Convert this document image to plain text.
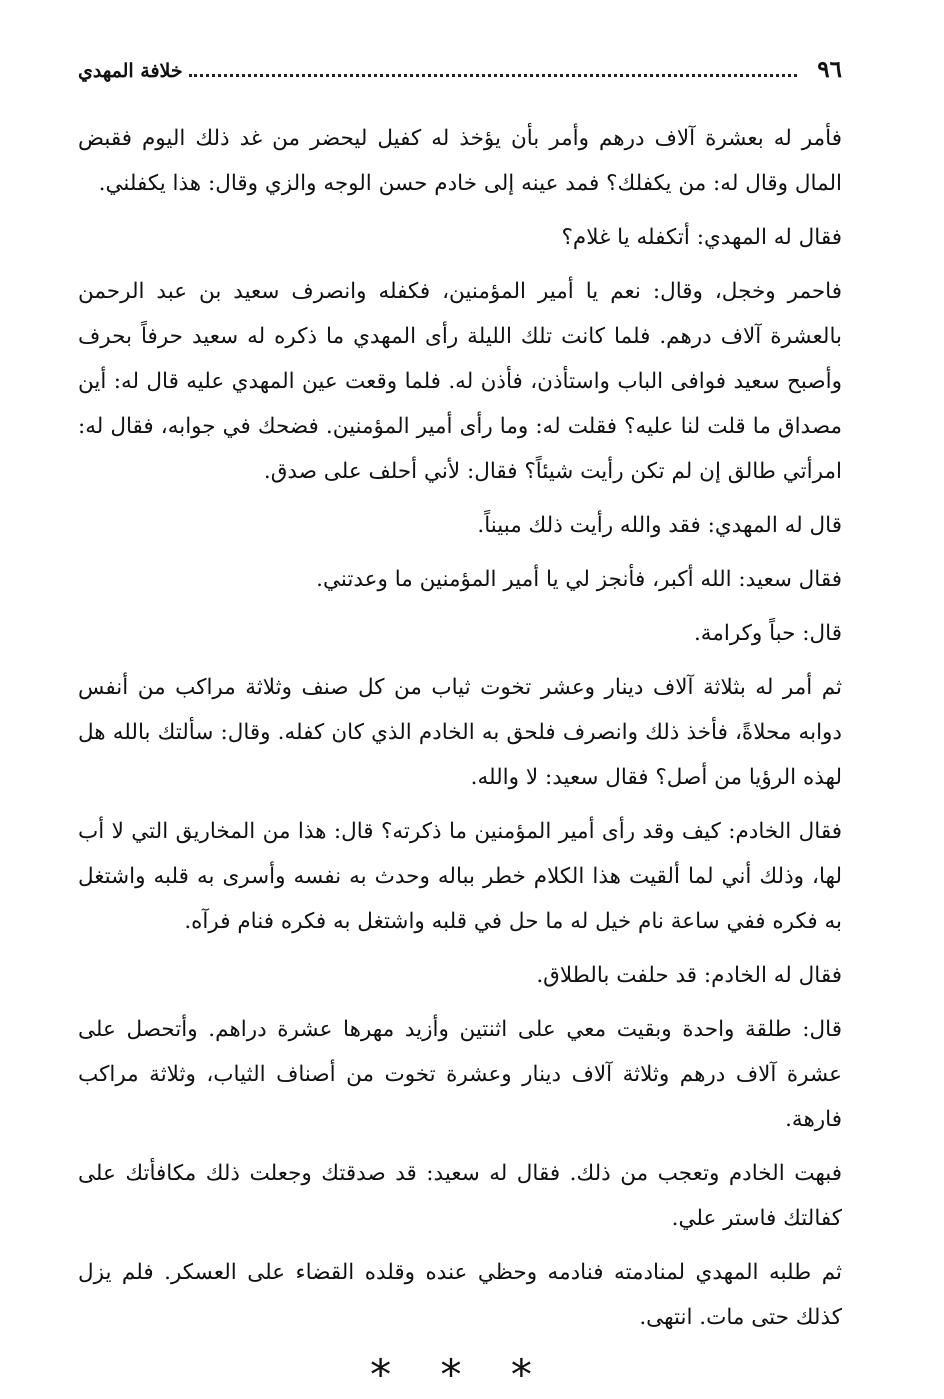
٩٦
خلافة المهدي

فأمر له بعشرة آلاف درهم وأمر بأن يؤخذ له كفيل ليحضر من غد ذلك اليوم فقبض المال وقال له: من يكفلك؟ فمد عينه إلى خادم حسن الوجه والزي وقال: هذا يكفلني.

فقال له المهدي: أتكفله يا غلام؟

فاحمر وخجل، وقال: نعم يا أمير المؤمنين، فكفله وانصرف سعيد بن عبد الرحمن بالعشرة آلاف درهم. فلما كانت تلك الليلة رأى المهدي ما ذكره له سعيد حرفاً بحرف وأصبح سعيد فوافى الباب واستأذن، فأذن له. فلما وقعت عين المهدي عليه قال له: أين مصداق ما قلت لنا عليه؟ فقلت له: وما رأى أمير المؤمنين. فضحك في جوابه، فقال له: امرأتي طالق إن لم تكن رأيت شيئاً؟ فقال: لأني أحلف على صدق.

قال له المهدي: فقد والله رأيت ذلك مبيناً.

فقال سعيد: الله أكبر، فأنجز لي يا أمير المؤمنين ما وعدتني.

قال: حباً وكرامة.

ثم أمر له بثلاثة آلاف دينار وعشر تخوت ثياب من كل صنف وثلاثة مراكب من أنفس دوابه محلاةً، فأخذ ذلك وانصرف فلحق به الخادم الذي كان كفله. وقال: سألتك بالله هل لهذه الرؤيا من أصل؟ فقال سعيد: لا والله.

فقال الخادم: كيف وقد رأى أمير المؤمنين ما ذكرته؟ قال: هذا من المخاريق التي لا أب لها، وذلك أني لما ألقيت هذا الكلام خطر بباله وحدث به نفسه وأسرى به قلبه واشتغل به فكره ففي ساعة نام خيل له ما حل في قلبه واشتغل به فكره فنام فرآه.

فقال له الخادم: قد حلفت بالطلاق.

قال: طلقة واحدة وبقيت معي على اثنتين وأزيد مهرها عشرة دراهم. وأتحصل على عشرة آلاف درهم وثلاثة آلاف دينار وعشرة تخوت من أصناف الثياب، وثلاثة مراكب فارهة.

فبهت الخادم وتعجب من ذلك. فقال له سعيد: قد صدقتك وجعلت ذلك مكافأتك على كفالتك فاستر علي.

ثم طلبه المهدي لمنادمته فنادمه وحظي عنده وقلده القضاء على العسكر. فلم يزل كذلك حتى مات. انتهى.

* * *
